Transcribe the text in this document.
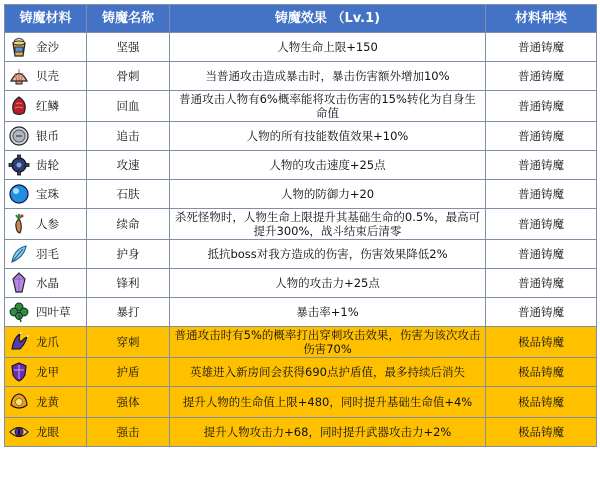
铸魔材料	铸魔名称	铸魔效果 （Lv.1)	材料种类

金沙	坚强	人物生命上限+150	普通铸魔

贝壳	骨刺	当普通攻击造成暴击时，暴击伤害额外增加10%	普通铸魔

红鳞	回血	普通攻击人物有6%概率能将攻击伤害的15%转化为自身生命值	普通铸魔

银币	追击	人物的所有技能数值效果+10%	普通铸魔

齿轮	攻速	人物的攻击速度+25点	普通铸魔

宝珠	石肤	人物的防御力+20	普通铸魔

人参	续命	杀死怪物时，人物生命上限提升其基础生命的0.5%，最高可提升300%，战斗结束后清零	普通铸魔

羽毛	护身	抵抗boss对我方造成的伤害，伤害效果降低2%	普通铸魔

水晶	锋利	人物的攻击力+25点	普通铸魔

四叶草	暴打	暴击率+1%	普通铸魔

龙爪	穿刺	普通攻击时有5%的概率打出穿刺攻击效果，伤害为该次攻击伤害70%	极品铸魔

龙甲	护盾	英雄进入新房间会获得690点护盾值，最多持续后消失	极品铸魔

龙黄	强体	提升人物的生命值上限+480，同时提升基础生命值+4%	极品铸魔

龙眼	强击	提升人物攻击力+68，同时提升武器攻击力+2%	极品铸魔
